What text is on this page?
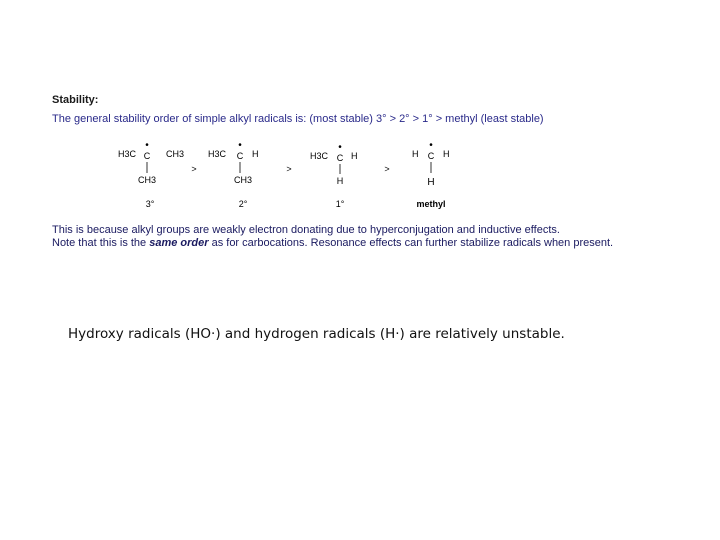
Stability:
The general stability order of simple alkyl radicals is: (most stable) 3° > 2° > 1° > methyl (least stable)
H3C
•
C CH3
CH3
3°
>
H3C
•
C H
CH3
2°
>
H3C
•
C H
H
1°
>
H
•
C H
H
methyl
This is because alkyl groups are weakly electron donating due to hyperconjugation and inductive effects.
Note that this is the same order as for carbocations. Resonance effects can further stabilize radicals when present.
Hydroxy radicals (HO·) and hydrogen radicals (H·) are relatively unstable.
